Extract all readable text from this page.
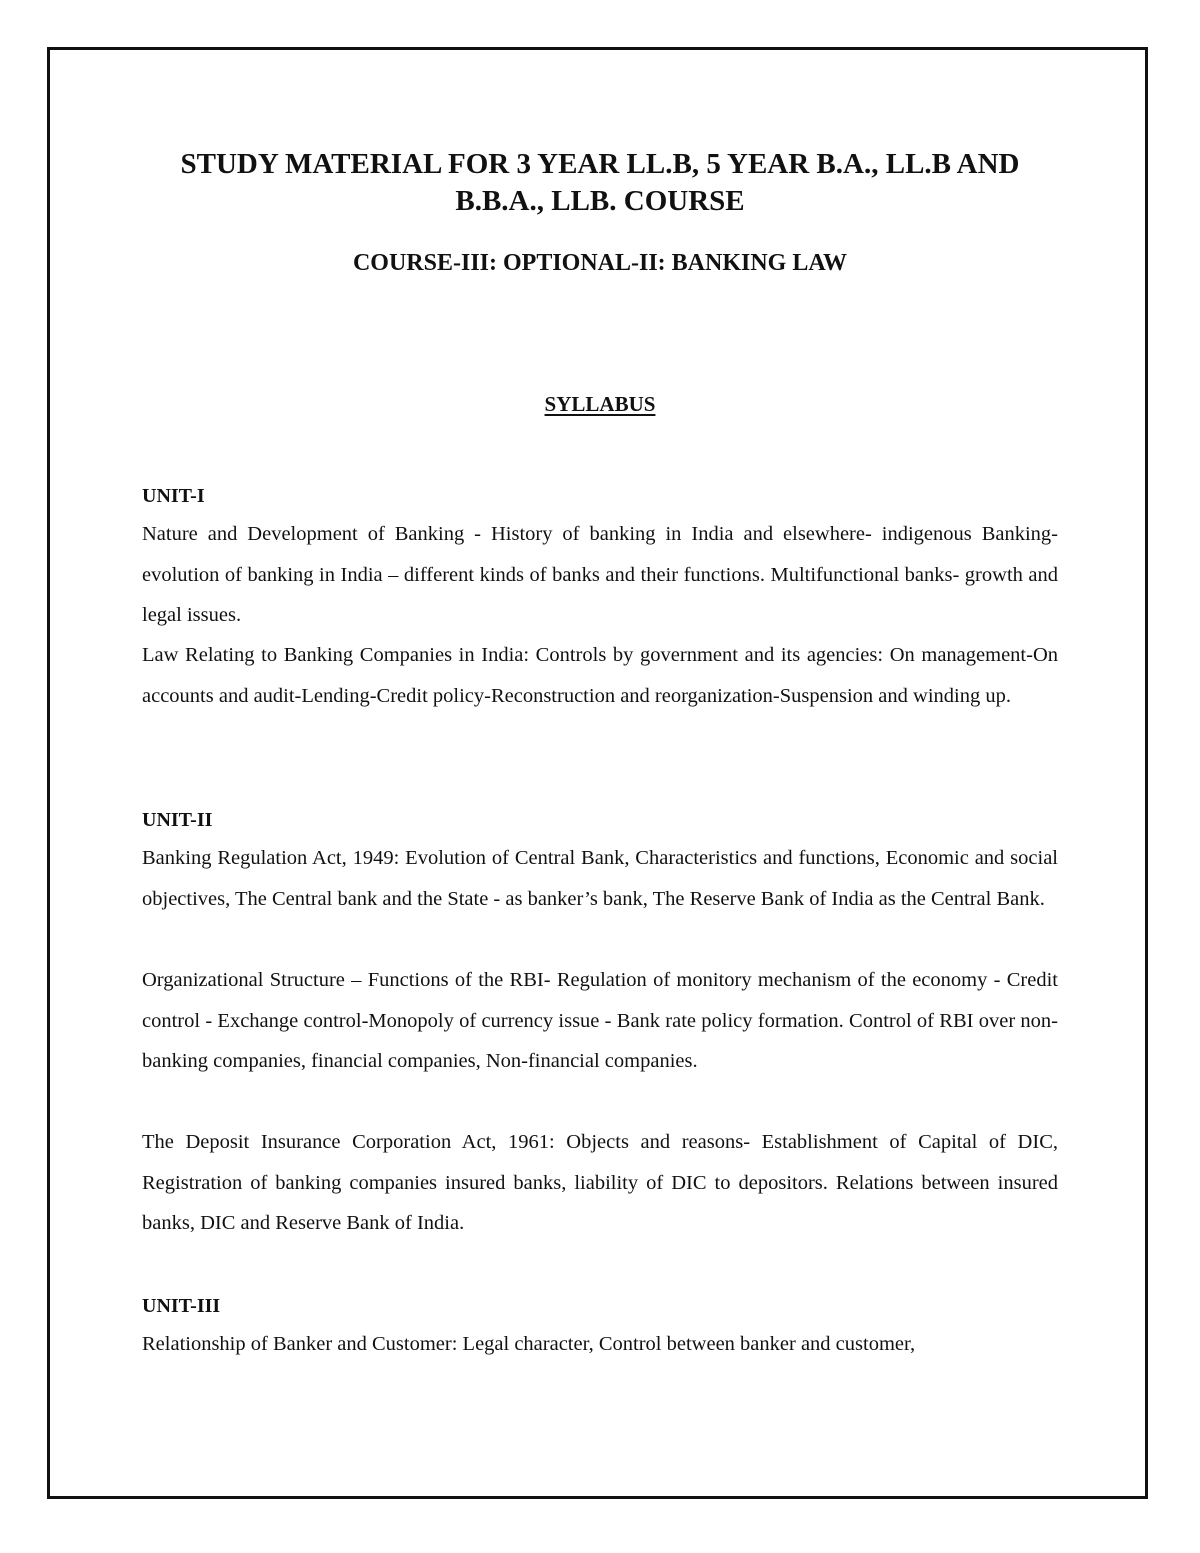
STUDY MATERIAL FOR 3 YEAR LL.B, 5 YEAR B.A., LL.B AND
B.B.A., LLB. COURSE
COURSE-III: OPTIONAL-II: BANKING LAW
SYLLABUS
UNIT-I

Nature and Development of Banking - History of banking in India and elsewhere- indigenous Banking-evolution of banking in India – different kinds of banks and their functions. Multifunctional banks- growth and legal issues.

Law Relating to Banking Companies in India: Controls by government and its agencies: On management-On accounts and audit-Lending-Credit policy-Reconstruction and reorganization-Suspension and winding up.

UNIT-II

Banking Regulation Act, 1949: Evolution of Central Bank, Characteristics and functions, Economic and social objectives, The Central bank and the State - as banker’s bank, The Reserve Bank of India as the Central Bank.

Organizational Structure – Functions of the RBI- Regulation of monitory mechanism of the economy - Credit control - Exchange control-Monopoly of currency issue - Bank rate policy formation. Control of RBI over non- banking companies, financial companies, Non-financial companies.

The Deposit Insurance Corporation Act, 1961: Objects and reasons- Establishment of Capital of DIC, Registration of banking companies insured banks, liability of DIC to depositors. Relations between insured banks, DIC and Reserve Bank of India.

UNIT-III

Relationship of Banker and Customer: Legal character, Control between banker and customer,
